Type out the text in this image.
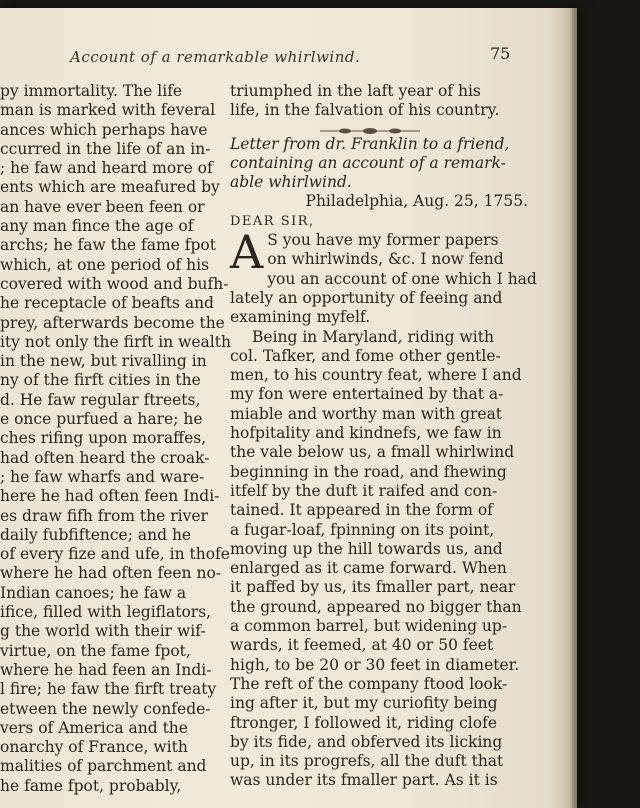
Account of a remarkable whirlwind.	75
py immortality. The life
man is marked with feveral
ances which perhaps have
ccurred in the life of an in-
; he faw and heard more of
ents which are meafured by
an have ever been feen or
any man fince the age of
archs; he faw the fame fpot
which, at one period of his
covered with wood and bufh-
he receptacle of beafts and
prey, afterwards become the
ity not only the firft in wealth
in the new, but rivalling in
ny of the firft cities in the
d. He faw regular ftreets,
e once purfued a hare; he
ches rifing upon moraffes,
had often heard the croak-
; he faw wharfs and ware-
here he had often feen Indi-
es draw fifh from the river
daily fubfiftence; and he
of every fize and ufe, in thofe
where he had often feen no-
Indian canoes; he faw a
ifice, filled with legiflators,
g the world with their wif-
virtue, on the fame fpot,
where he had feen an Indi-
l fire; he faw the firft treaty
etween the newly confede-
vers of America and the
onarchy of France, with
malities of parchment and
he fame fpot, probably,
triumphed in the laft year of his
life, in the falvation of his country.
Letter from dr. Franklin to a friend,
containing an account of a remark-
able whirlwind.
Philadelphia, Aug. 25, 1755.
DEAR SIR,
A S you have my former papers
on whirlwinds, &c. I now fend
you an account of one which I had
lately an opportunity of feeing and
examining myfelf.
Being in Maryland, riding with
col. Tafker, and fome other gentle-
men, to his country feat, where I and
my fon were entertained by that a-
miable and worthy man with great
hofpitality and kindnefs, we faw in
the vale below us, a fmall whirlwind
beginning in the road, and fhewing
itfelf by the duft it raifed and con-
tained. It appeared in the form of
a fugar-loaf, fpinning on its point,
moving up the hill towards us, and
enlarged as it came forward. When
it paffed by us, its fmaller part, near
the ground, appeared no bigger than
a common barrel, but widening up-
wards, it feemed, at 40 or 50 feet
high, to be 20 or 30 feet in diameter.
The reft of the company ftood look-
ing after it, but my curiofity being
ftronger, I followed it, riding clofe
by its fide, and obferved its licking
up, in its progrefs, all the duft that
was under its fmaller part. As it is
